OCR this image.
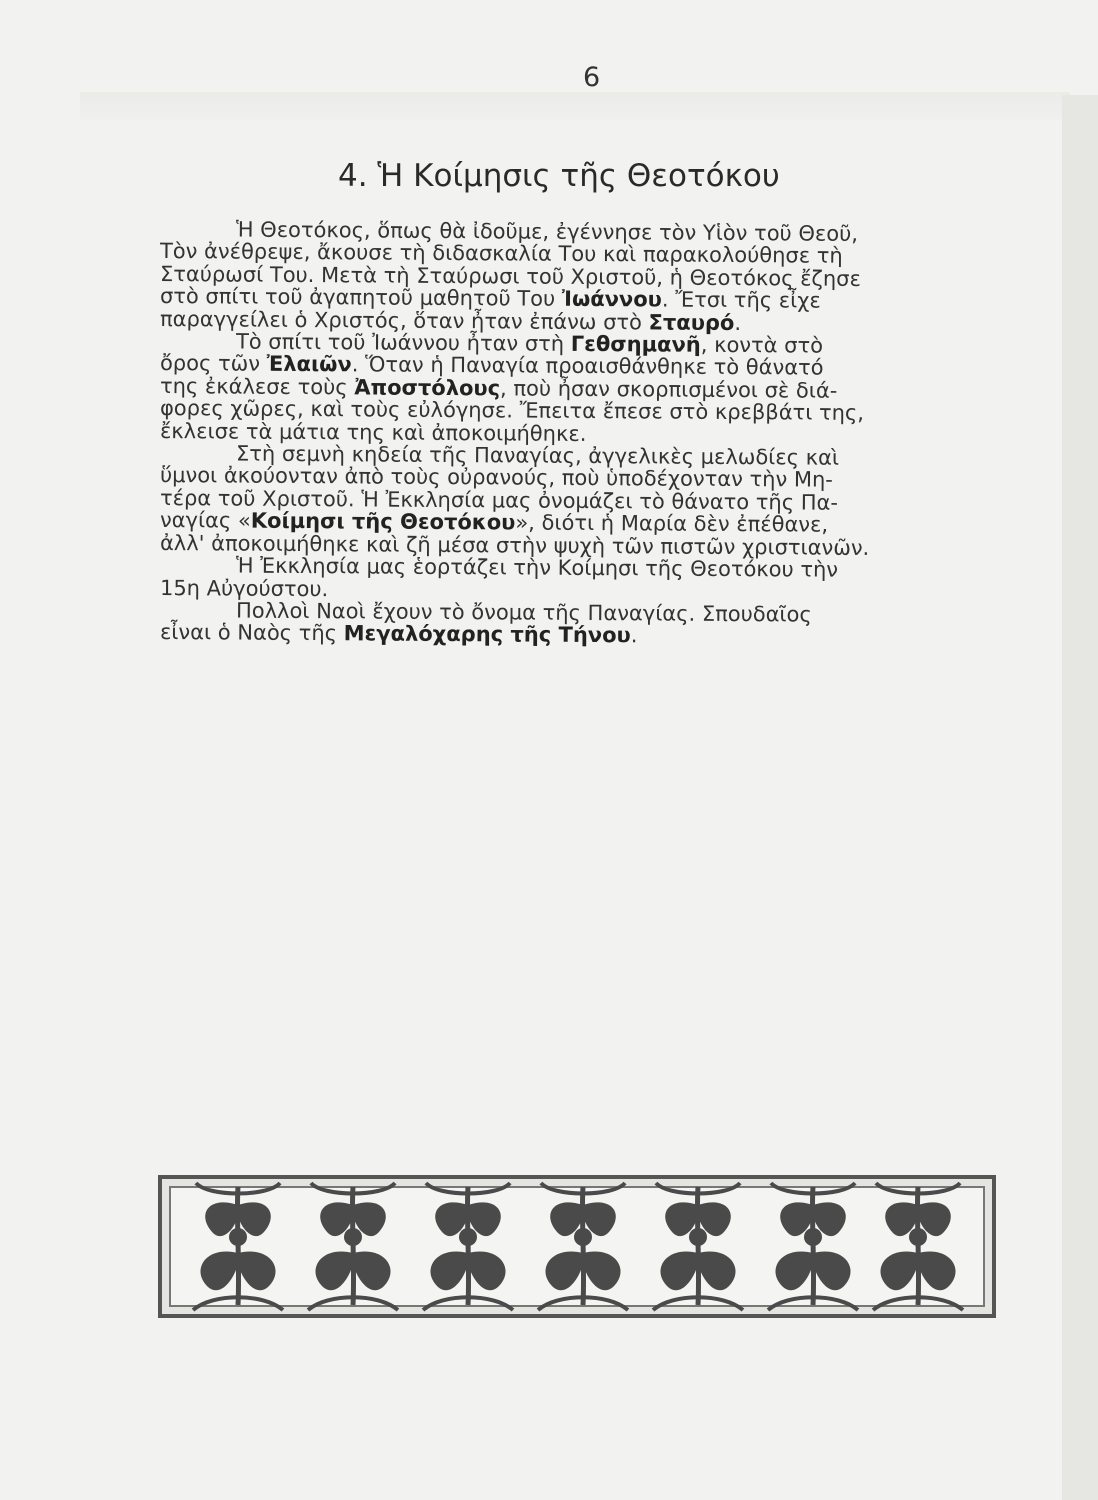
6
4. Ἡ Κοίμησις τῆς Θεοτόκου
Ἡ Θεοτόκος, ὅπως θὰ ἰδοῦμε, ἐγέννησε τὸν Υἱὸν τοῦ Θεοῦ,
Τὸν ἀνέθρεψε, ἄκουσε τὴ διδασκαλία Του καὶ παρακολούθησε τὴ
Σταύρωσί Του. Μετὰ τὴ Σταύρωσι τοῦ Χριστοῦ, ἡ Θεοτόκος ἔζησε
στὸ σπίτι τοῦ ἀγαπητοῦ μαθητοῦ Του Ἰωάννου. Ἔτσι τῆς εἶχε
παραγγείλει ὁ Χριστός, ὅταν ἦταν ἐπάνω στὸ Σταυρό.
Τὸ σπίτι τοῦ Ἰωάννου ἦταν στὴ Γεθσημανῆ, κοντὰ στὸ
ὄρος τῶν Ἐλαιῶν. Ὅταν ἡ Παναγία προαισθάνθηκε τὸ θάνατό
της ἐκάλεσε τοὺς Ἀποστόλους, ποὺ ἦσαν σκορπισμένοι σὲ διά-
φορες χῶρες, καὶ τοὺς εὐλόγησε. Ἔπειτα ἔπεσε στὸ κρεββάτι της,
ἔκλεισε τὰ μάτια της καὶ ἀποκοιμήθηκε.
Στὴ σεμνὴ κηδεία τῆς Παναγίας, ἀγγελικὲς μελωδίες καὶ
ὕμνοι ἀκούονταν ἀπὸ τοὺς οὐρανούς, ποὺ ὑποδέχονταν τὴν Μη-
τέρα τοῦ Χριστοῦ. Ἡ Ἐκκλησία μας ὀνομάζει τὸ θάνατο τῆς Πα-
ναγίας «Κοίμησι τῆς Θεοτόκου», διότι ἡ Μαρία δὲν ἐπέθανε,
ἀλλ' ἀποκοιμήθηκε καὶ ζῆ μέσα στὴν ψυχὴ τῶν πιστῶν χριστιανῶν.
Ἡ Ἐκκλησία μας ἑορτάζει τὴν Κοίμησι τῆς Θεοτόκου τὴν
15η Αὐγούστου.
Πολλοὶ Ναοὶ ἔχουν τὸ ὄνομα τῆς Παναγίας. Σπουδαῖος
εἶναι ὁ Ναὸς τῆς Μεγαλόχαρης τῆς Τήνου.
